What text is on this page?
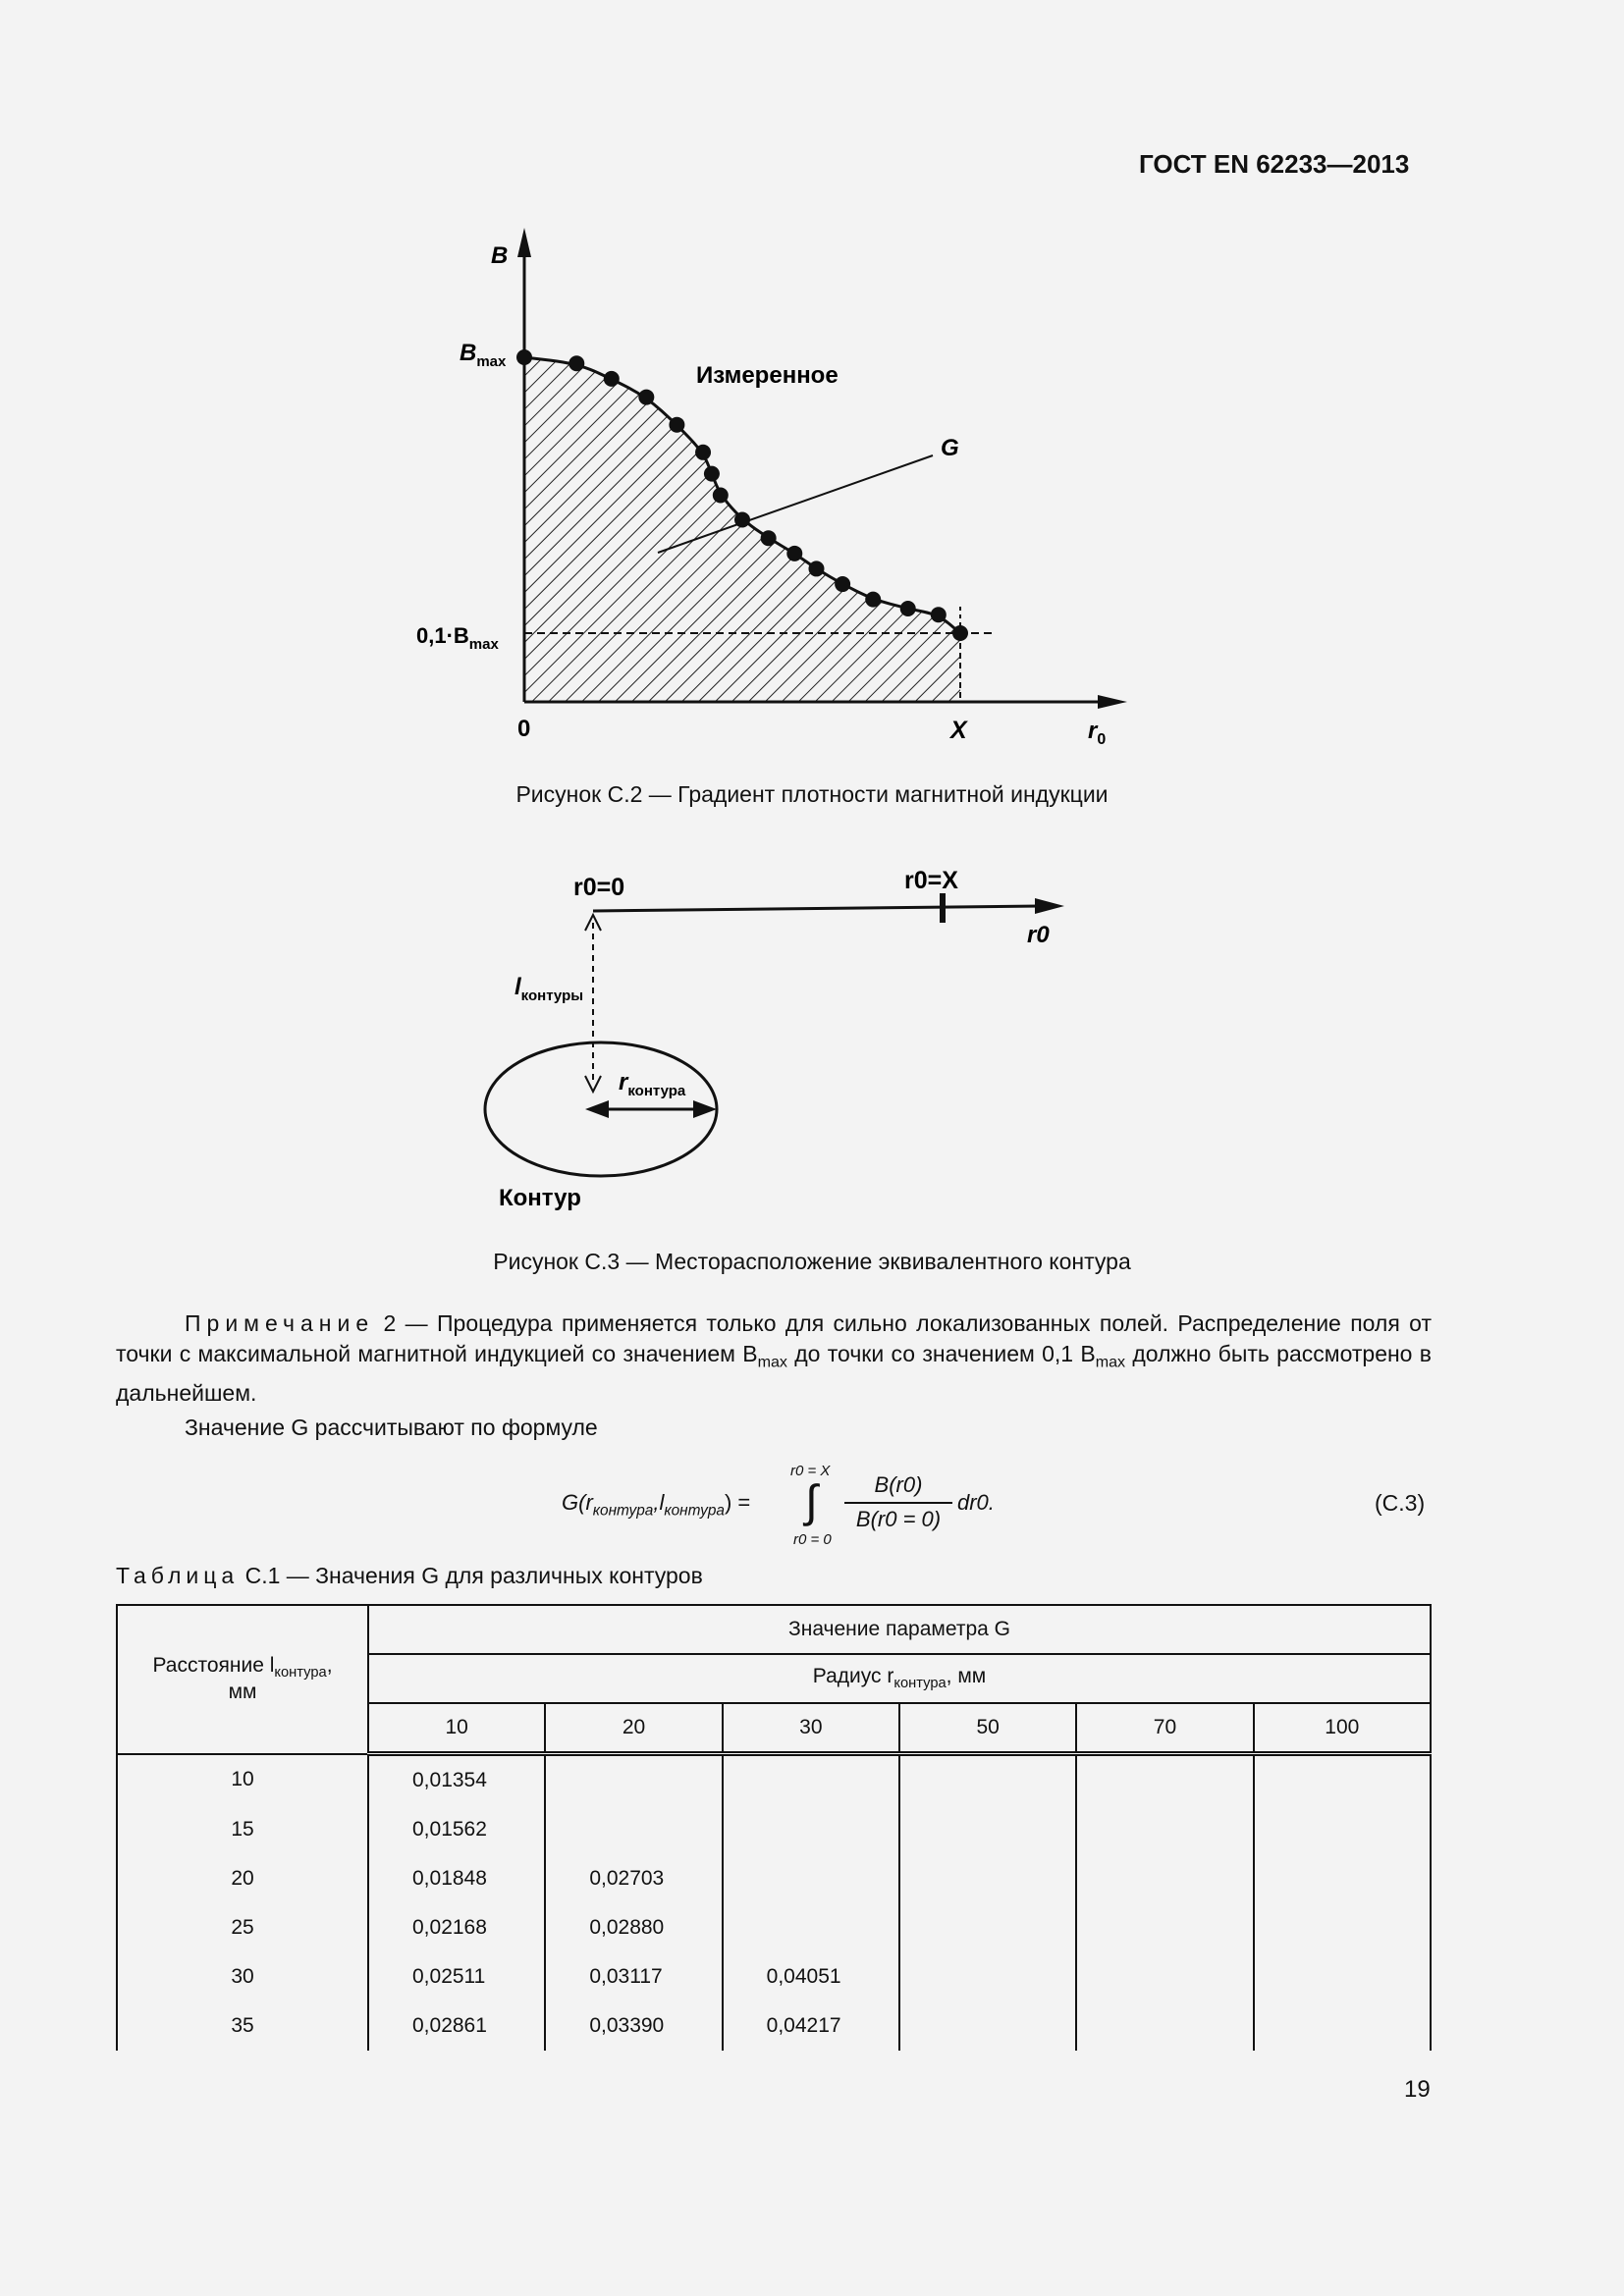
ГОСТ EN 62233—2013
B
$B_{max}$
$0,1\cdot B_{max}$
0	X	$r_0$
Измеренное
G
Рисунок С.2 — Градиент плотности магнитной индукции
r0=0	r0=X
r0
$l_{контуры}$
$r_{контура}$
Контур
Рисунок С.3 — Месторасположение эквивалентного контура
Примечание 2 — Процедура применяется только для сильно локализованных полей. Распределение поля от точки с максимальной магнитной индукцией со значением $B_{max}$ до точки со значением 0,1 $B_{max}$ должно быть рассмотрено в дальнейшем.
Значение G рассчитывают по формуле
$G(r_{контура},l_{контура})$ =
r0 = X
∫
r0 = 0
B(r0)
B(r0 = 0)
dr0.	(С.3)
Таблица С.1 — Значения G для различных контуров
Расстояние $l_{контура}$,
мм	Значение параметра G					
	Радиус $r_{контура}$, мм					
	10	20	30	50	70	100
10	0,01354					
15	0,01562					
20	0,01848	0,02703				
25	0,02168	0,02880				
30	0,02511	0,03117	0,04051			
35	0,02861	0,03390	0,04217			
19
